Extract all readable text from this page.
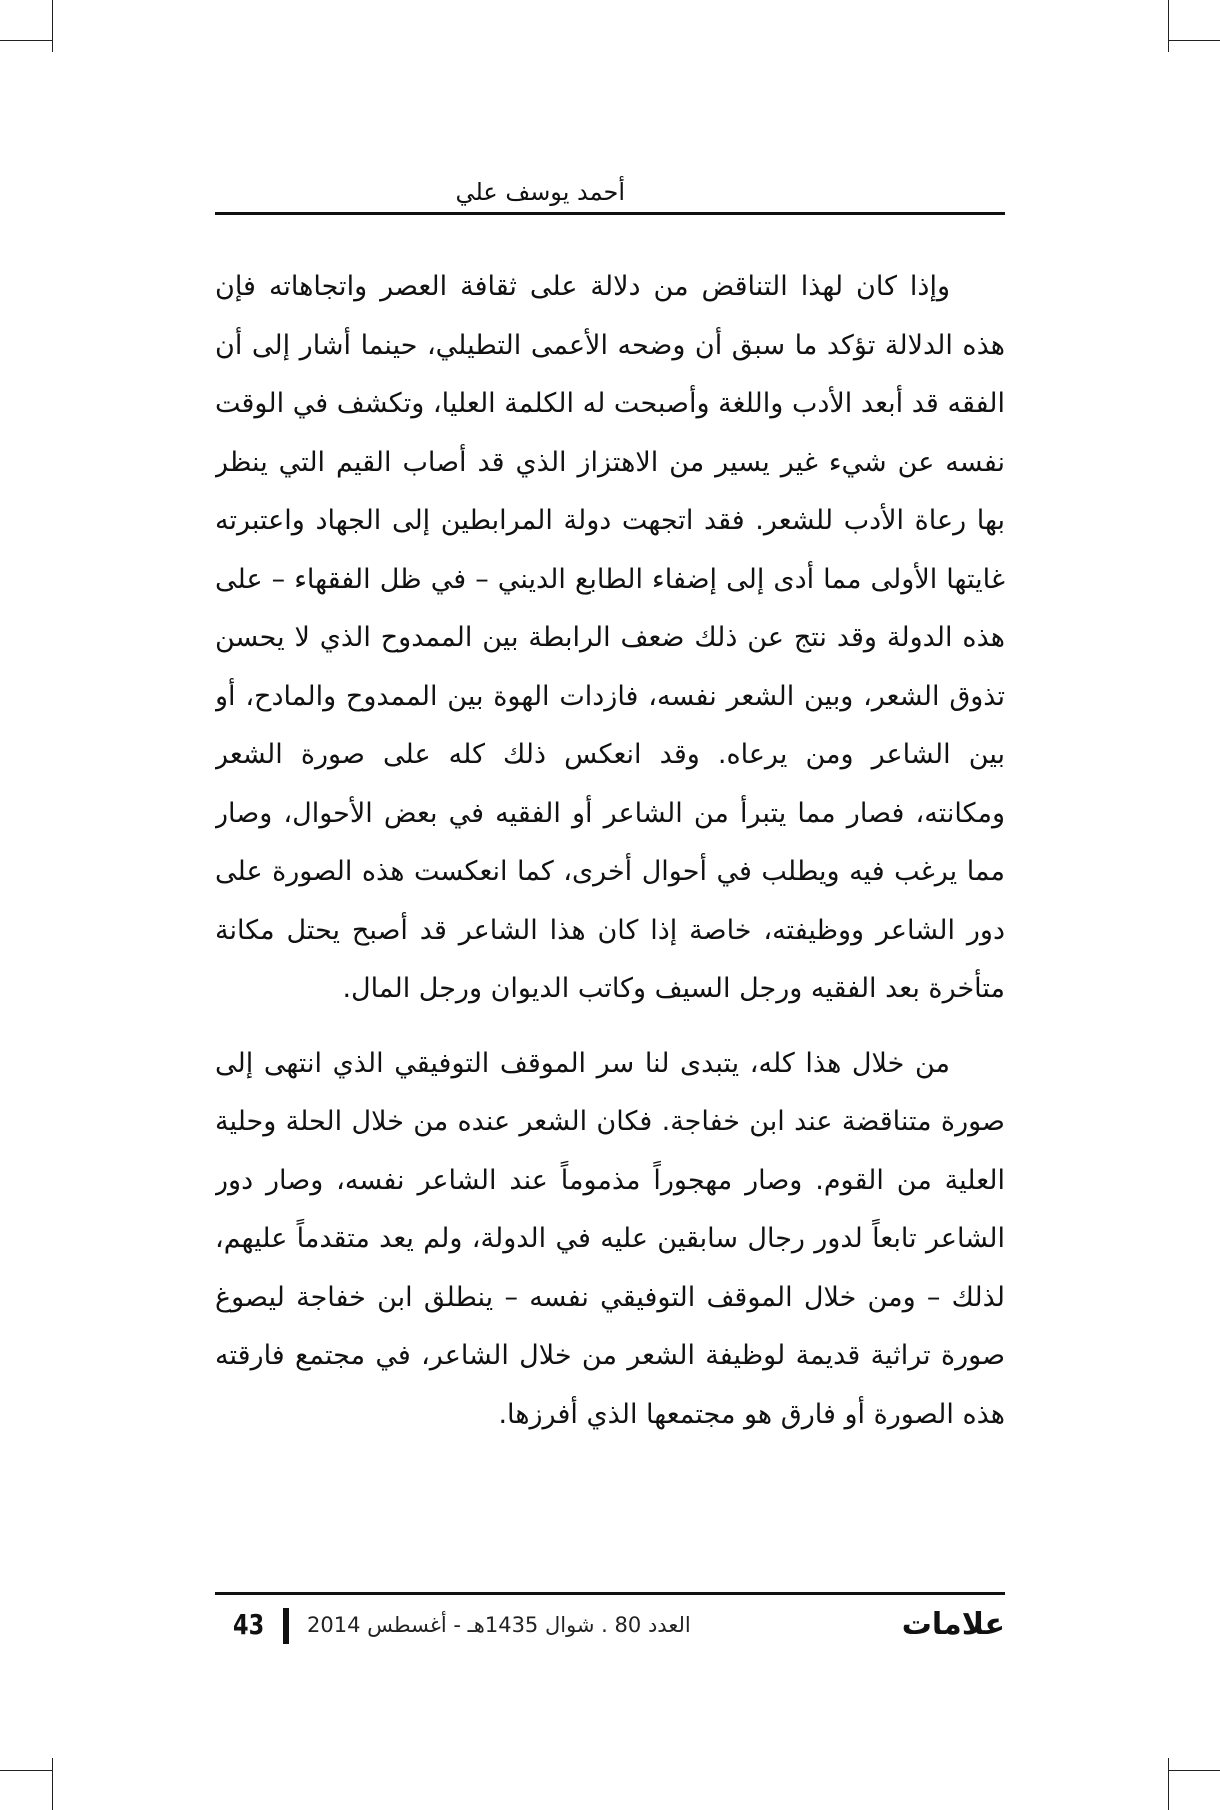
أحمد يوسف علي

وإذا كان لهذا التناقض من دلالة على ثقافة العصر واتجاهاته فإن هذه الدلالة تؤكد ما سبق أن وضحه الأعمى التطيلي، حينما أشار إلى أن الفقه قد أبعد الأدب واللغة وأصبحت له الكلمة العليا، وتكشف في الوقت نفسه عن شيء غير يسير من الاهتزاز الذي قد أصاب القيم التي ينظر بها رعاة الأدب للشعر. فقد اتجهت دولة المرابطين إلى الجهاد واعتبرته غايتها الأولى مما أدى إلى إضفاء الطابع الديني – في ظل الفقهاء – على هذه الدولة وقد نتج عن ذلك ضعف الرابطة بين الممدوح الذي لا يحسن تذوق الشعر، وبين الشعر نفسه، فازدات الهوة بين الممدوح والمادح، أو بين الشاعر ومن يرعاه. وقد انعكس ذلك كله على صورة الشعر ومكانته، فصار مما يتبرأ من الشاعر أو الفقيه في بعض الأحوال، وصار مما يرغب فيه ويطلب في أحوال أخرى، كما انعكست هذه الصورة على دور الشاعر ووظيفته، خاصة إذا كان هذا الشاعر قد أصبح يحتل مكانة متأخرة بعد الفقيه ورجل السيف وكاتب الديوان ورجل المال.

من خلال هذا كله، يتبدى لنا سر الموقف التوفيقي الذي انتهى إلى صورة متناقضة عند ابن خفاجة. فكان الشعر عنده من خلال الحلة وحلية العلية من القوم. وصار مهجوراً مذموماً عند الشاعر نفسه، وصار دور الشاعر تابعاً لدور رجال سابقين عليه في الدولة، ولم يعد متقدماً عليهم، لذلك – ومن خلال الموقف التوفيقي نفسه – ينطلق ابن خفاجة ليصوغ صورة تراثية قديمة لوظيفة الشعر من خلال الشاعر، في مجتمع فارقته هذه الصورة أو فارق هو مجتمعها الذي أفرزها.

43 العدد 80 . شوال 1435هـ - أغسطس 2014	علامات
